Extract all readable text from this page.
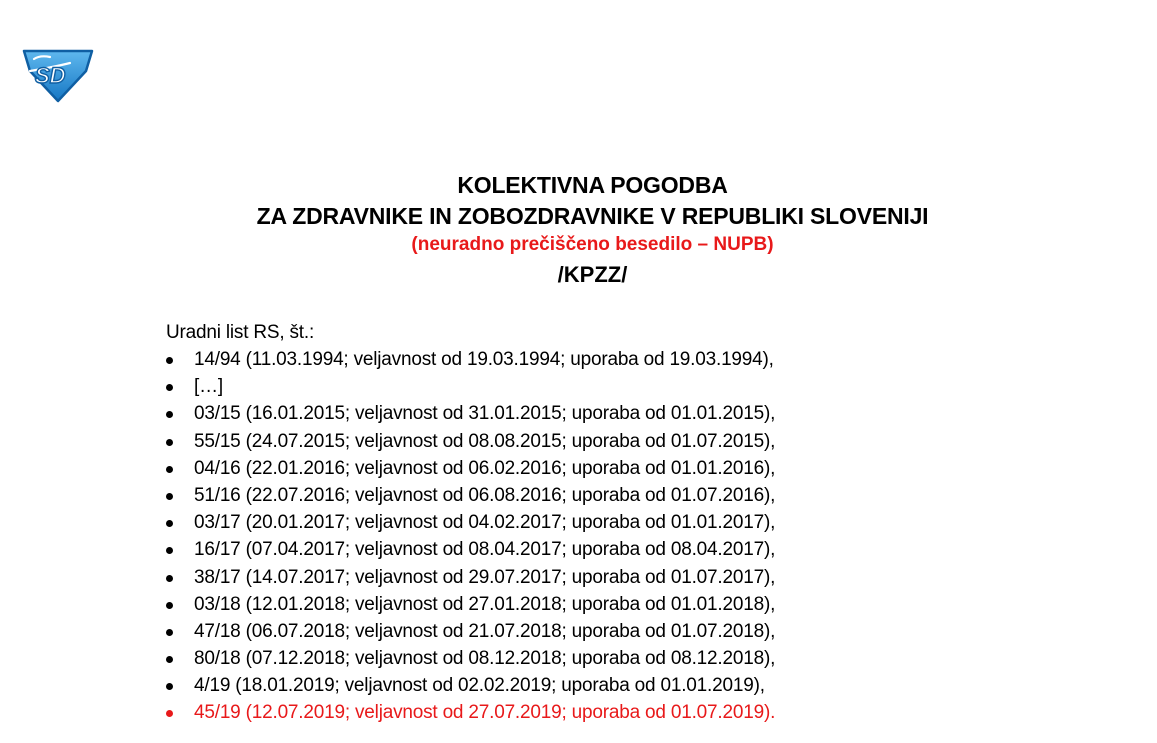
SD
KOLEKTIVNA POGODBA
ZA ZDRAVNIKE IN ZOBOZDRAVNIKE V REPUBLIKI SLOVENIJI
(neuradno prečiščeno besedilo – NUPB)
/KPZZ/
Uradni list RS, št.:
14/94 (11.03.1994; veljavnost od 19.03.1994; uporaba od 19.03.1994),
[…]
03/15 (16.01.2015; veljavnost od 31.01.2015; uporaba od 01.01.2015),
55/15 (24.07.2015; veljavnost od 08.08.2015; uporaba od 01.07.2015),
04/16 (22.01.2016; veljavnost od 06.02.2016; uporaba od 01.01.2016),
51/16 (22.07.2016; veljavnost od 06.08.2016; uporaba od 01.07.2016),
03/17 (20.01.2017; veljavnost od 04.02.2017; uporaba od 01.01.2017),
16/17 (07.04.2017; veljavnost od 08.04.2017; uporaba od 08.04.2017),
38/17 (14.07.2017; veljavnost od 29.07.2017; uporaba od 01.07.2017),
03/18 (12.01.2018; veljavnost od 27.01.2018; uporaba od 01.01.2018),
47/18 (06.07.2018; veljavnost od 21.07.2018; uporaba od 01.07.2018),
80/18 (07.12.2018; veljavnost od 08.12.2018; uporaba od 08.12.2018),
4/19 (18.01.2019; veljavnost od 02.02.2019; uporaba od 01.01.2019),
45/19 (12.07.2019; veljavnost od 27.07.2019; uporaba od 01.07.2019).
